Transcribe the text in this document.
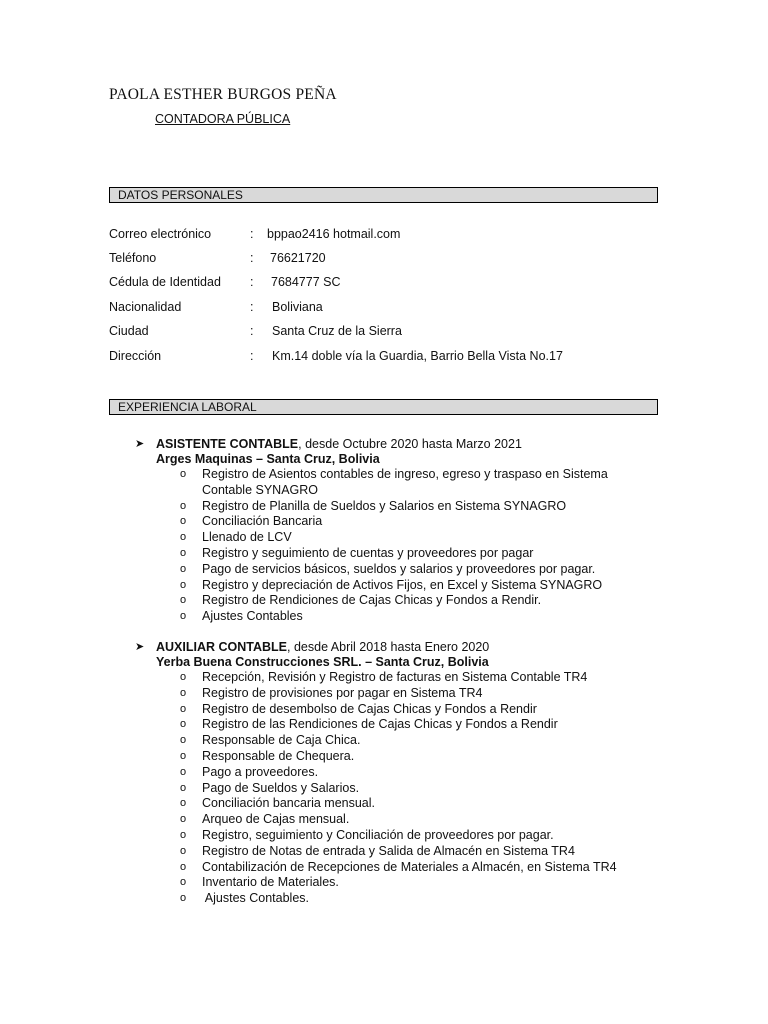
PAOLA ESTHER BURGOS PEÑA
CONTADORA PÚBLICA
DATOS PERSONALES
Correo electrónico	: bppao2416 hotmail.com
Teléfono	: 76621720
Cédula de Identidad	: 7684777 SC
Nacionalidad	: Boliviana
Ciudad	: Santa Cruz de la Sierra
Dirección	: Km.14 doble vía la Guardia, Barrio Bella Vista No.17
EXPERIENCIA LABORAL
➤ ASISTENTE CONTABLE, desde Octubre 2020 hasta Marzo 2021
Arges Maquinas – Santa Cruz, Bolivia
o Registro de Asientos contables de ingreso, egreso y traspaso en Sistema Contable SYNAGRO
o Registro de Planilla de Sueldos y Salarios en Sistema SYNAGRO
o Conciliación Bancaria
o Llenado de LCV
o Registro y seguimiento de cuentas y proveedores por pagar
o Pago de servicios básicos, sueldos y salarios y proveedores por pagar.
o Registro y depreciación de Activos Fijos, en Excel y Sistema SYNAGRO
o Registro de Rendiciones de Cajas Chicas y Fondos a Rendir.
o Ajustes Contables
➤ AUXILIAR CONTABLE, desde Abril 2018 hasta Enero 2020
Yerba Buena Construcciones SRL. – Santa Cruz, Bolivia
o Recepción, Revisión y Registro de facturas en Sistema Contable TR4
o Registro de provisiones por pagar en Sistema TR4
o Registro de desembolso de Cajas Chicas y Fondos a Rendir
o Registro de las Rendiciones de Cajas Chicas y Fondos a Rendir
o Responsable de Caja Chica.
o Responsable de Chequera.
o Pago a proveedores.
o Pago de Sueldos y Salarios.
o Conciliación bancaria mensual.
o Arqueo de Cajas mensual.
o Registro, seguimiento y Conciliación de proveedores por pagar.
o Registro de Notas de entrada y Salida de Almacén en Sistema TR4
o Contabilización de Recepciones de Materiales a Almacén, en Sistema TR4
o Inventario de Materiales.
o Ajustes Contables.
